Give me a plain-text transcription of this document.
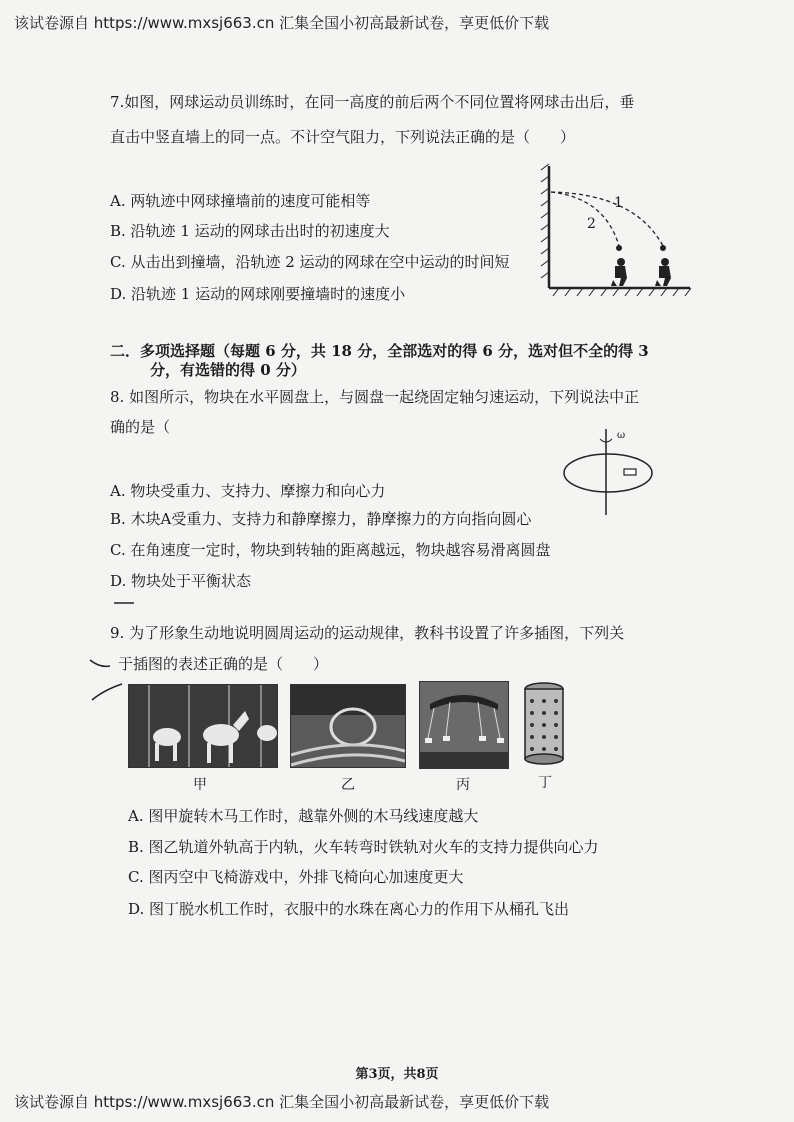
该试卷源自 https://www.mxsj663.cn 汇集全国小初高最新试卷，享更低价下载
7.如图，网球运动员训练时，在同一高度的前后两个不同位置将网球击出后，垂
直击中竖直墙上的同一点。不计空气阻力，下列说法正确的是（　　）
A. 两轨迹中网球撞墙前的速度可能相等
B. 沿轨迹 1 运动的网球击出时的初速度大
C. 从击出到撞墙，沿轨迹 2 运动的网球在空中运动的时间短
D. 沿轨迹 1 运动的网球刚要撞墙时的速度小
1
2
二．多项选择题（每题 6 分，共 18 分，全部选对的得 6 分，选对但不全的得 3
分，有选错的得 0 分）
8. 如图所示，物块在水平圆盘上，与圆盘一起绕固定轴匀速运动，下列说法中正
确的是（
A. 物块受重力、支持力、摩擦力和向心力
B. 木块A受重力、支持力和静摩擦力，静摩擦力的方向指向圆心
C. 在角速度一定时，物块到转轴的距离越远，物块越容易滑离圆盘
D. 物块处于平衡状态
ω
9. 为了形象生动地说明圆周运动的运动规律，教科书设置了许多插图，下列关
于插图的表述正确的是（　　）
甲	乙	丙	丁
A. 图甲旋转木马工作时，越靠外侧的木马线速度越大
B. 图乙轨道外轨高于内轨，火车转弯时铁轨对火车的支持力提供向心力
C. 图丙空中飞椅游戏中，外排飞椅向心加速度更大
D. 图丁脱水机工作时，衣服中的水珠在离心力的作用下从桶孔飞出
第3页，共8页
该试卷源自 https://www.mxsj663.cn 汇集全国小初高最新试卷，享更低价下载
